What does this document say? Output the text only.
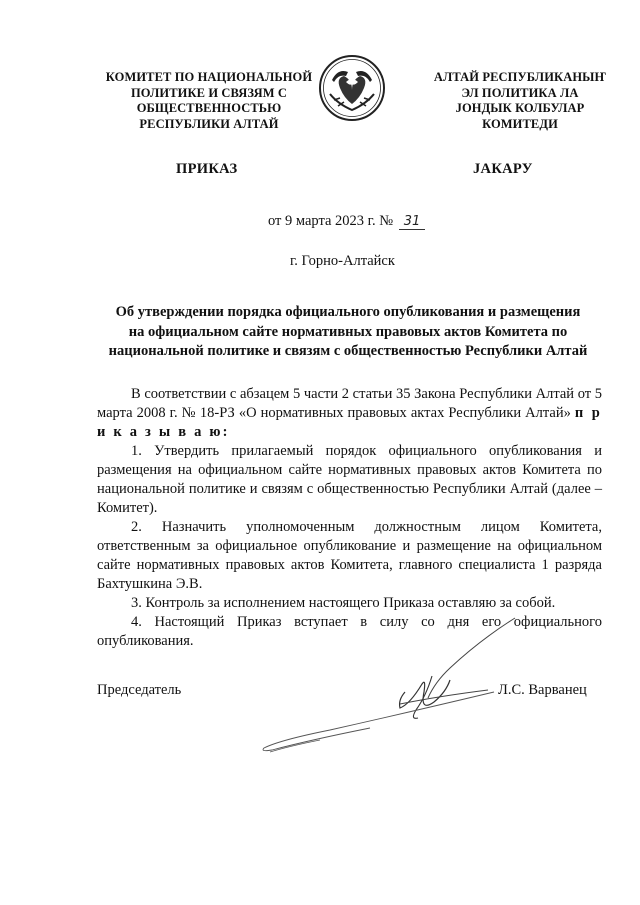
КОМИТЕТ ПО НАЦИОНАЛЬНОЙ
ПОЛИТИКЕ И СВЯЗЯМ С
ОБЩЕСТВЕННОСТЬЮ
РЕСПУБЛИКИ АЛТАЙ
АЛТАЙ РЕСПУБЛИКАНЫҤ
ЭЛ ПОЛИТИКА ЛА
ЈОНДЫК КОЛБУЛАР
КОМИТЕДИ
ПРИКАЗ	ЈАКАРУ
от 9 марта 2023 г. № 31
г. Горно-Алтайск
Об утверждении порядка официального опубликования и размещения
на официальном сайте нормативных правовых актов Комитета по
национальной политике и связям с общественностью Республики Алтай

В соответствии с абзацем 5 части 2 статьи 35 Закона Республики Алтай от 5 марта 2008 г. № 18-РЗ «О нормативных правовых актах Республики Алтай» п р и к а з ы в а ю:

1. Утвердить прилагаемый порядок официального опубликования и размещения на официальном сайте нормативных правовых актов Комитета по национальной политике и связям с общественностью Республики Алтай (далее – Комитет).

2. Назначить уполномоченным должностным лицом Комитета, ответственным за официальное опубликование и размещение на официальном сайте нормативных правовых актов Комитета, главного специалиста 1 разряда Бахтушкина Э.В.

3. Контроль за исполнением настоящего Приказа оставляю за собой.

4. Настоящий Приказ вступает в силу со дня его официального опубликования.

Председатель	Л.С. Варванец
